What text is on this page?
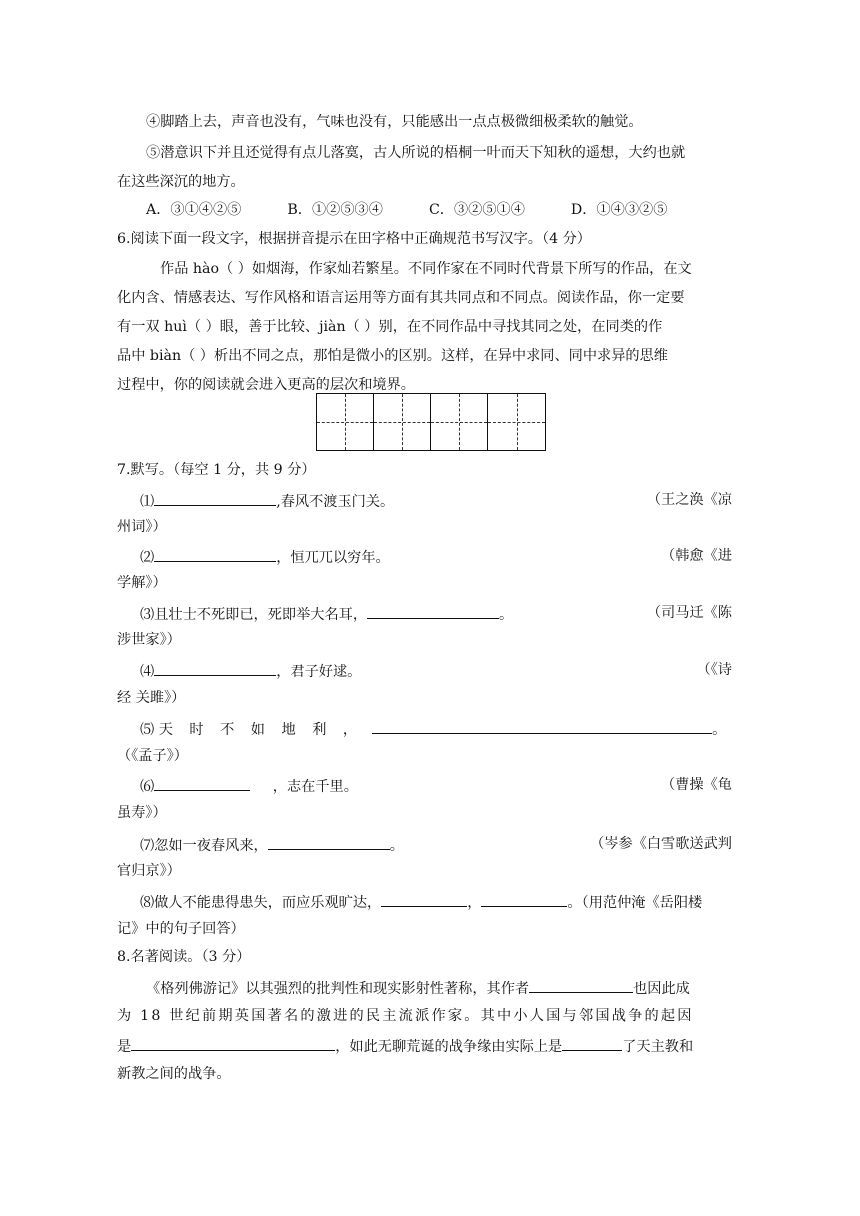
④脚踏上去，声音也没有，气味也没有，只能感出一点点极微细极柔软的触觉。
⑤潜意识下并且还觉得有点儿落寞，古人所说的梧桐一叶而天下知秋的遥想，大约也就
在这些深沉的地方。
A．③①④②⑤	B．①②⑤③④	C．③②⑤①④	D．①④③②⑤
6.阅读下面一段文字，根据拼音提示在田字格中正确规范书写汉字。（4 分）
作品 hào（ ）如烟海，作家灿若繁星。不同作家在不同时代背景下所写的作品，在文
化内含、情感表达、写作风格和语言运用等方面有其共同点和不同点。阅读作品，你一定要
有一双 huì（ ）眼，善于比较、jiàn（ ）别，在不同作品中寻找其同之处，在同类的作
品中 biàn（ ）析出不同之点，那怕是微小的区别。这样，在异中求同、同中求异的思维
过程中，你的阅读就会进入更高的层次和境界。
7.默写。（每空 1 分，共 9 分）
⑴	,春风不渡玉门关。	（王之涣《凉
州词》）
⑵	，恒兀兀以穷年。	（韩愈《进
学解》）
⑶且壮士不死即已，死即举大名耳，	。	（司马迁《陈
涉世家》）
⑷	，君子好逑。	（《诗
经 关雎》）
⑸ 天 时 不 如 地 利 ，	。
（《孟子》）
⑹	，志在千里。	（曹操《龟
虽寿》）
⑺忽如一夜春风来，	。	（岑参《白雪歌送武判
官归京》）
⑻做人不能患得患失，而应乐观旷达，	，	。（用范仲淹《岳阳楼
记》中的句子回答）
8.名著阅读。（3 分）
《格列佛游记》以其强烈的批判性和现实影射性著称，其作者	也因此成
为 18 世纪前期英国著名的激进的民主流派作家。其中小人国与邻国战争的起因
是	，如此无聊荒诞的战争缘由实际上是	了天主教和
新教之间的战争。
